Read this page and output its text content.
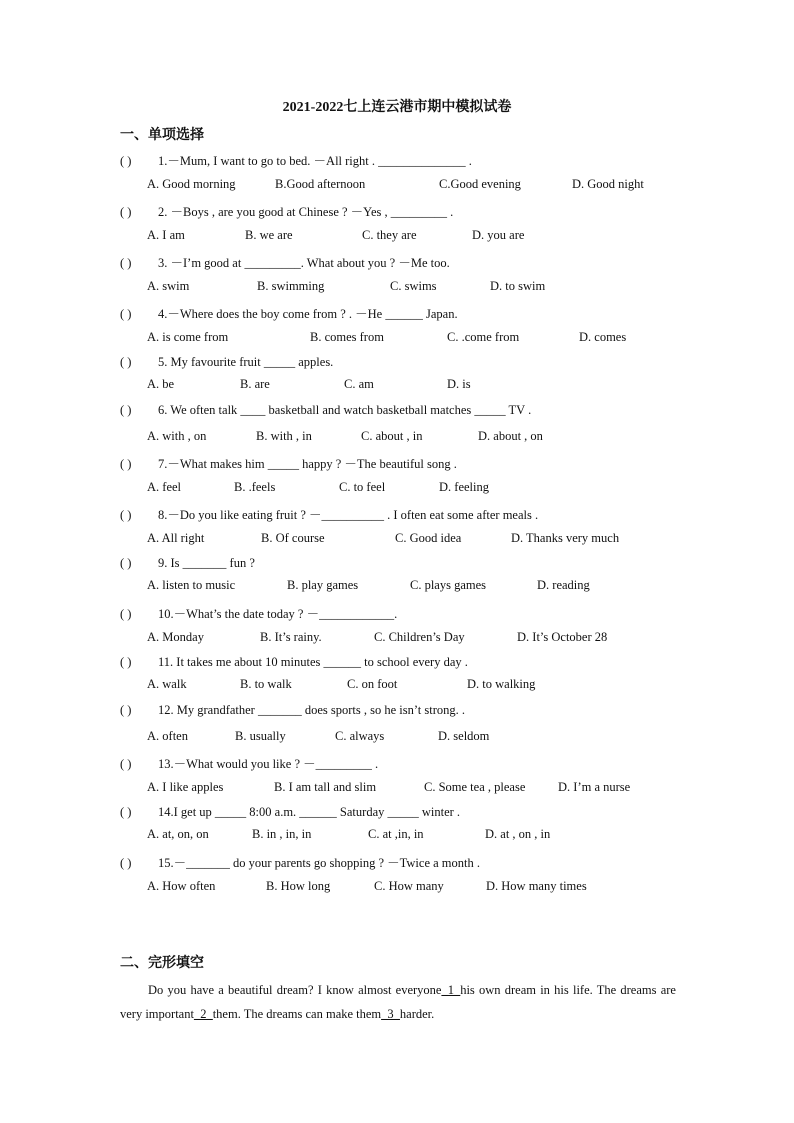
2021-2022七上连云港市期中模拟试卷
一、单项选择
( ) 1.－Mum, I want to go to bed. －All right . ______________ .
A. Good morning	B.Good afternoon	C.Good evening	D. Good night
( ) 2. －Boys , are you good at Chinese ? －Yes , _________ .
A. I am	B. we are	C. they are	D. you are
( ) 3. －I’m good at _________. What about you ? －Me too.
A. swim	B. swimming	C. swims	D. to swim
( ) 4.－Where does the boy come from ? . －He ______ Japan.
A. is come from	B. comes from	C. .come from	D. comes
( ) 5. My favourite fruit _____ apples.
A. be	B. are	C. am	D. is
( ) 6. We often talk ____ basketball and watch basketball matches _____ TV .
A. with , on	B. with , in	C. about , in	D. about , on
( ) 7.－What makes him _____ happy ? －The beautiful song .
A. feel	B. .feels	C. to feel	D. feeling
( ) 8.－Do you like eating fruit ? －__________ . I often eat some after meals .
A. All right	B. Of course	C. Good idea	D. Thanks very much
( ) 9. Is _______ fun ?
A. listen to music	B. play games	C. plays games	D. reading
( ) 10.－What’s the date today ? －____________.
A. Monday	B. It’s rainy.	C. Children’s Day	D. It’s October 28
( ) 11. It takes me about 10 minutes ______ to school every day .
A. walk	B. to walk	C. on foot	D. to walking
( ) 12. My grandfather _______ does sports , so he isn’t strong. .
A. often	B. usually	C. always	D. seldom
( ) 13.－What would you like ? －_________ .
A. I like apples	B. I am tall and slim	C. Some tea , please	D. I’m a nurse
( ) 14.I get up _____ 8:00 a.m. ______ Saturday _____ winter .
A. at, on, on	B. in , in, in	C. at ,in, in	D. at , on , in
( ) 15.－_______ do your parents go shopping ? －Twice a month .
A. How often	B. How long	C. How many	D. How many times
二、完形填空
Do you have a beautiful dream? I know almost everyone_1_his own dream in his life. The dreams are very important_2_them. The dreams can make them_3_harder.
